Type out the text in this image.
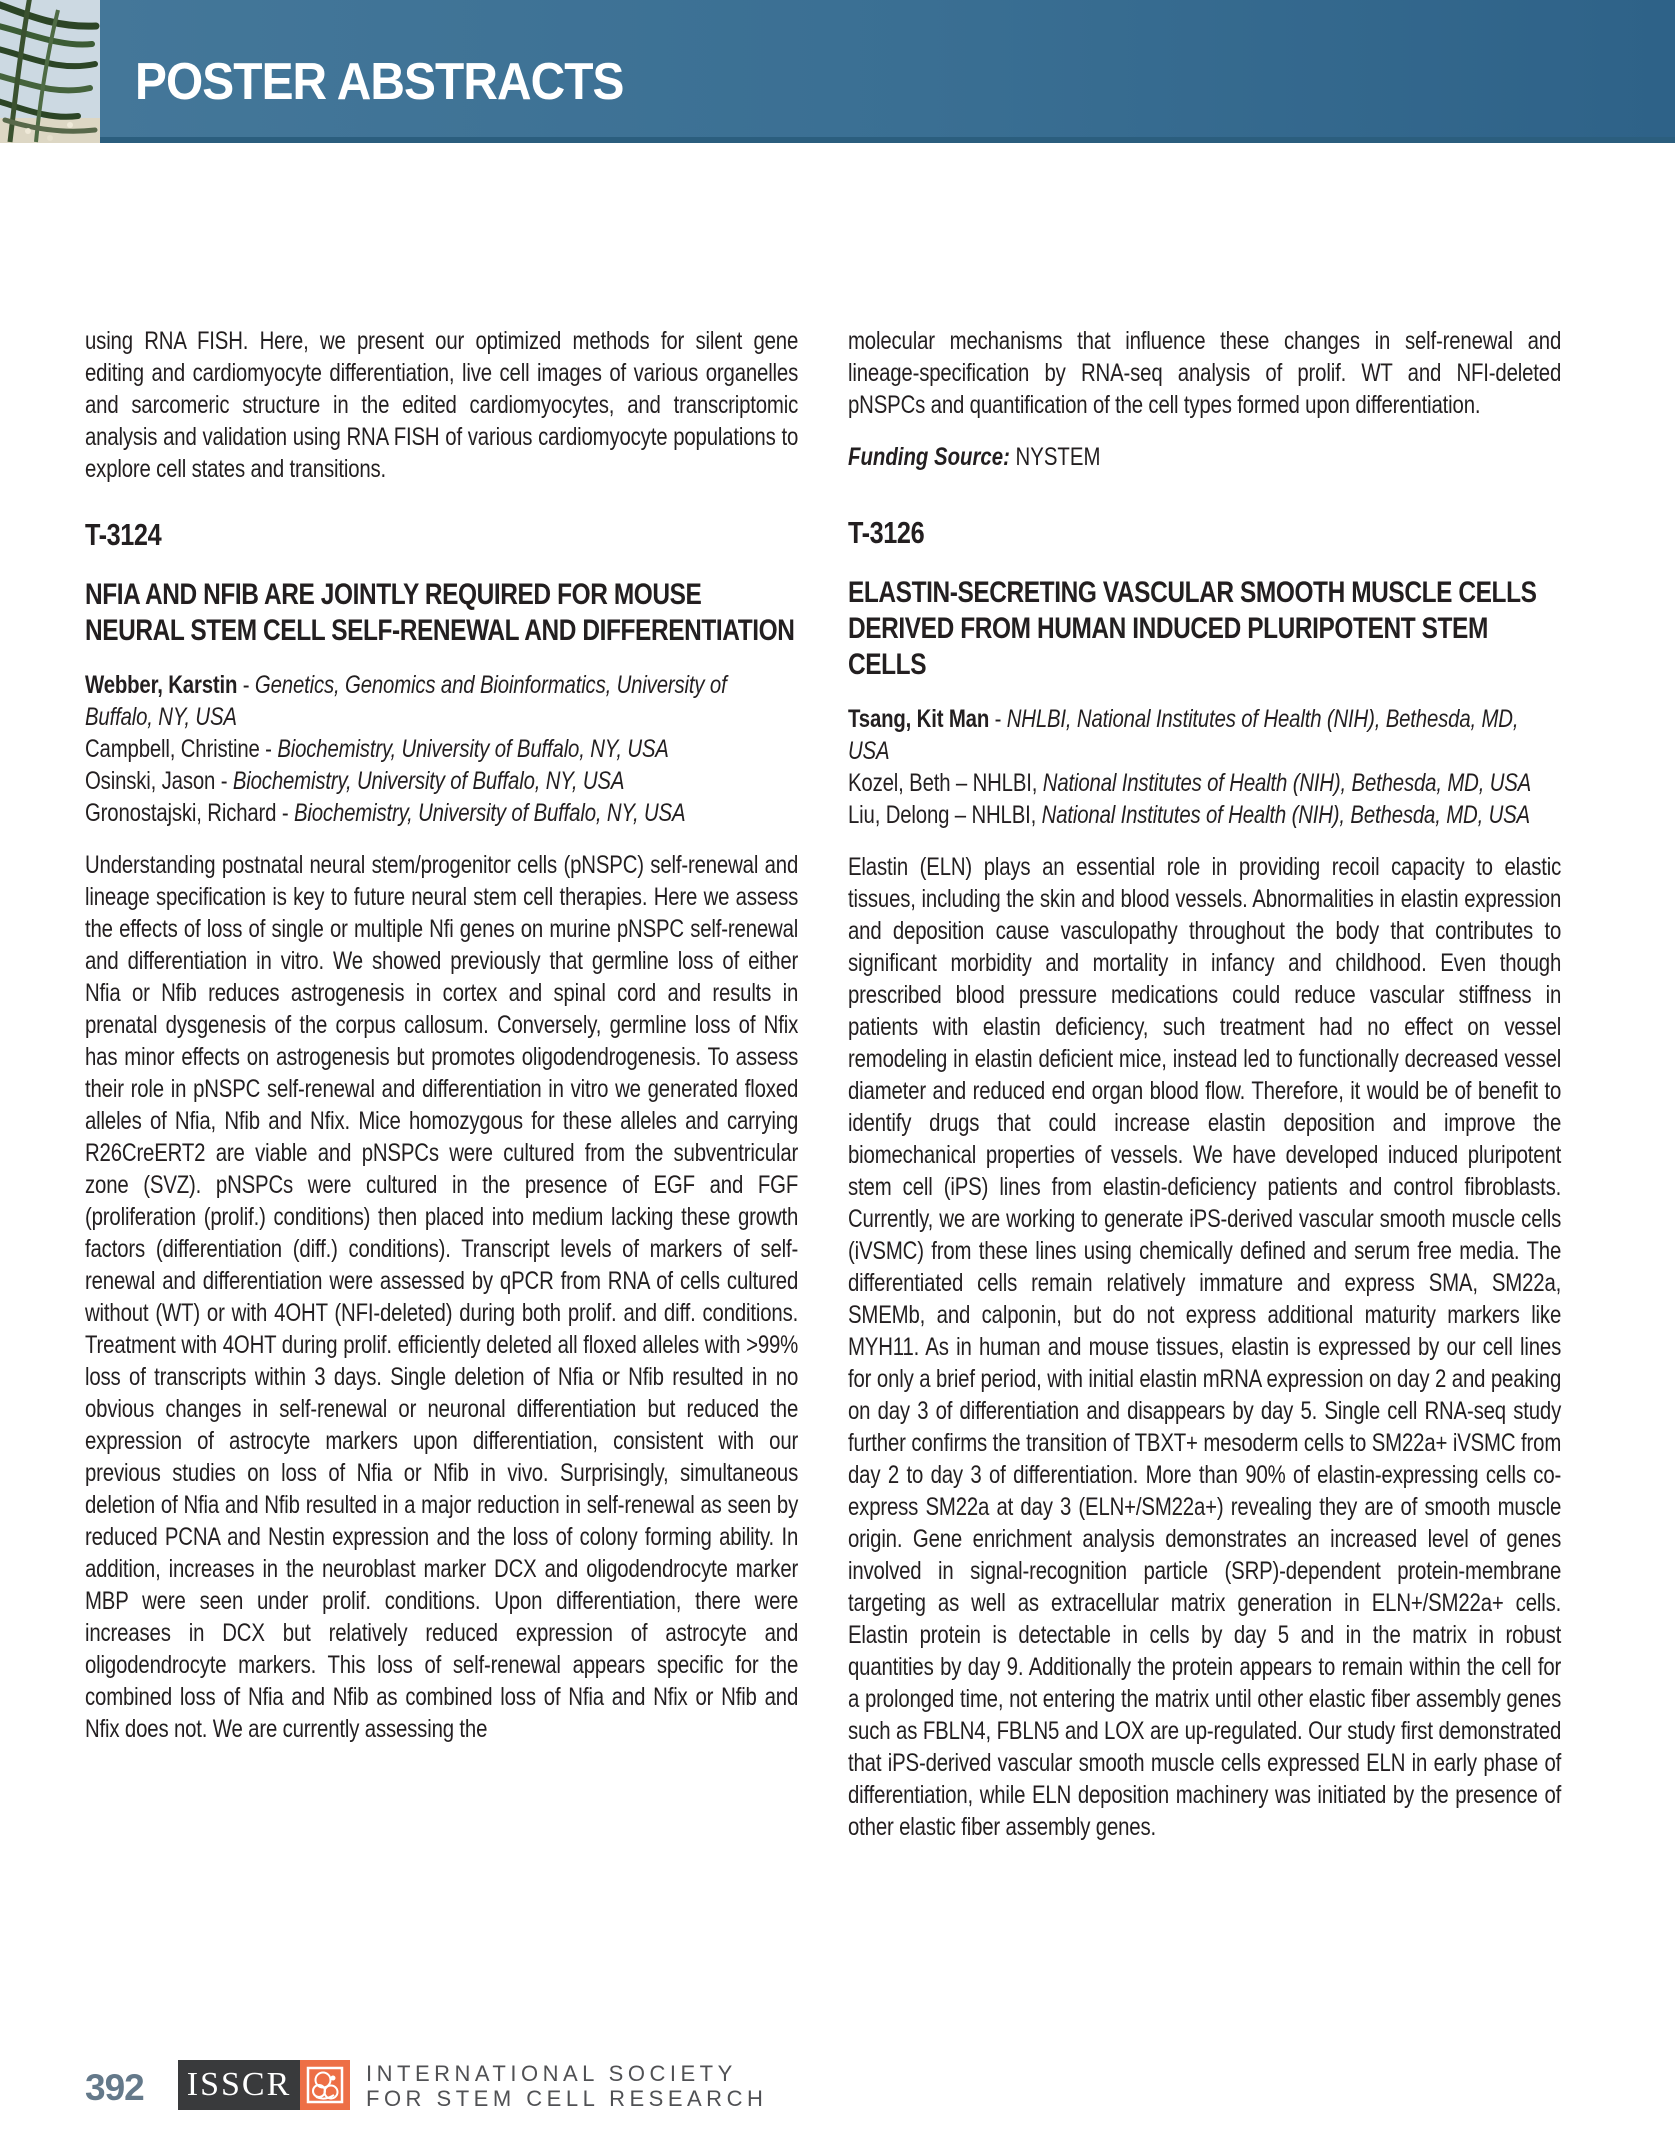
POSTER ABSTRACTS

using RNA FISH. Here, we present our optimized methods for silent gene editing and cardiomyocyte differentiation, live cell images of various organelles and sarcomeric structure in the edited cardiomyocytes, and transcriptomic analysis and validation using RNA FISH of various cardiomyocyte populations to explore cell states and transitions.

T-3124
NFIA AND NFIB ARE JOINTLY REQUIRED FOR MOUSE NEURAL STEM CELL SELF-RENEWAL AND DIFFERENTIATION
Webber, Karstin - Genetics, Genomics and Bioinformatics, University of Buffalo, NY, USA
Campbell, Christine - Biochemistry, University of Buffalo, NY, USA
Osinski, Jason - Biochemistry, University of Buffalo, NY, USA
Gronostajski, Richard - Biochemistry, University of Buffalo, NY, USA

Understanding postnatal neural stem/progenitor cells (pNSPC) self-renewal and lineage specification is key to future neural stem cell therapies. Here we assess the effects of loss of single or multiple Nfi genes on murine pNSPC self-renewal and differentiation in vitro. We showed previously that germline loss of either Nfia or Nfib reduces astrogenesis in cortex and spinal cord and results in prenatal dysgenesis of the corpus callosum. Conversely, germline loss of Nfix has minor effects on astrogenesis but promotes oligodendrogenesis. To assess their role in pNSPC self-renewal and differentiation in vitro we generated floxed alleles of Nfia, Nfib and Nfix. Mice homozygous for these alleles and carrying R26CreERT2 are viable and pNSPCs were cultured from the subventricular zone (SVZ). pNSPCs were cultured in the presence of EGF and FGF (proliferation (prolif.) conditions) then placed into medium lacking these growth factors (differentiation (diff.) conditions). Transcript levels of markers of self-renewal and differentiation were assessed by qPCR from RNA of cells cultured without (WT) or with 4OHT (NFI-deleted) during both prolif. and diff. conditions. Treatment with 4OHT during prolif. efficiently deleted all floxed alleles with >99% loss of transcripts within 3 days. Single deletion of Nfia or Nfib resulted in no obvious changes in self-renewal or neuronal differentiation but reduced the expression of astrocyte markers upon differentiation, consistent with our previous studies on loss of Nfia or Nfib in vivo. Surprisingly, simultaneous deletion of Nfia and Nfib resulted in a major reduction in self-renewal as seen by reduced PCNA and Nestin expression and the loss of colony forming ability. In addition, increases in the neuroblast marker DCX and oligodendrocyte marker MBP were seen under prolif. conditions. Upon differentiation, there were increases in DCX but relatively reduced expression of astrocyte and oligodendrocyte markers. This loss of self-renewal appears specific for the combined loss of Nfia and Nfib as combined loss of Nfia and Nfix or Nfib and Nfix does not. We are currently assessing the

molecular mechanisms that influence these changes in self-renewal and lineage-specification by RNA-seq analysis of prolif. WT and NFI-deleted pNSPCs and quantification of the cell types formed upon differentiation.

Funding Source: NYSTEM
T-3126
ELASTIN-SECRETING VASCULAR SMOOTH MUSCLE CELLS DERIVED FROM HUMAN INDUCED PLURIPOTENT STEM CELLS
Tsang, Kit Man - NHLBI, National Institutes of Health (NIH), Bethesda, MD, USA
Kozel, Beth – NHLBI, National Institutes of Health (NIH), Bethesda, MD, USA
Liu, Delong – NHLBI, National Institutes of Health (NIH), Bethesda, MD, USA

Elastin (ELN) plays an essential role in providing recoil capacity to elastic tissues, including the skin and blood vessels. Abnormalities in elastin expression and deposition cause vasculopathy throughout the body that contributes to significant morbidity and mortality in infancy and childhood. Even though prescribed blood pressure medications could reduce vascular stiffness in patients with elastin deficiency, such treatment had no effect on vessel remodeling in elastin deficient mice, instead led to functionally decreased vessel diameter and reduced end organ blood flow. Therefore, it would be of benefit to identify drugs that could increase elastin deposition and improve the biomechanical properties of vessels. We have developed induced pluripotent stem cell (iPS) lines from elastin-deficiency patients and control fibroblasts. Currently, we are working to generate iPS-derived vascular smooth muscle cells (iVSMC) from these lines using chemically defined and serum free media. The differentiated cells remain relatively immature and express SMA, SM22a, SMEMb, and calponin, but do not express additional maturity markers like MYH11. As in human and mouse tissues, elastin is expressed by our cell lines for only a brief period, with initial elastin mRNA expression on day 2 and peaking on day 3 of differentiation and disappears by day 5. Single cell RNA-seq study further confirms the transition of TBXT+ mesoderm cells to SM22a+ iVSMC from day 2 to day 3 of differentiation. More than 90% of elastin-expressing cells co-express SM22a at day 3 (ELN+/SM22a+) revealing they are of smooth muscle origin. Gene enrichment analysis demonstrates an increased level of genes involved in signal-recognition particle (SRP)-dependent protein-membrane targeting as well as extracellular matrix generation in ELN+/SM22a+ cells. Elastin protein is detectable in cells by day 5 and in the matrix in robust quantities by day 9. Additionally the protein appears to remain within the cell for a prolonged time, not entering the matrix until other elastic fiber assembly genes such as FBLN4, FBLN5 and LOX are up-regulated. Our study first demonstrated that iPS-derived vascular smooth muscle cells expressed ELN in early phase of differentiation, while ELN deposition machinery was initiated by the presence of other elastic fiber assembly genes.

392 ISSCR	INTERNATIONAL SOCIETY
FOR STEM CELL RESEARCH
